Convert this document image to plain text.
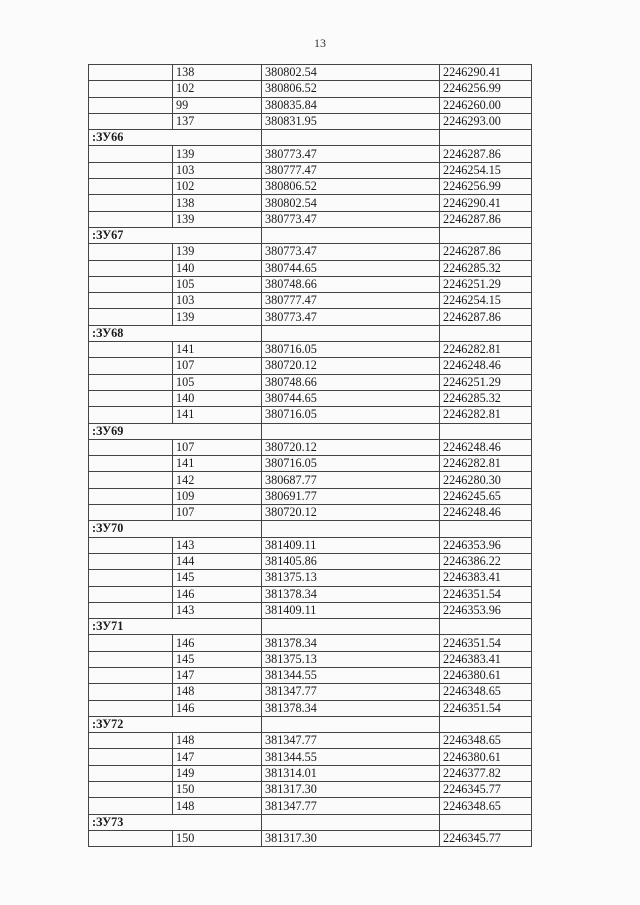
13
	138	380802.54	2246290.41
	102	380806.52	2246256.99
	99	380835.84	2246260.00
	137	380831.95	2246293.00
:ЗУ66			
	139	380773.47	2246287.86
	103	380777.47	2246254.15
	102	380806.52	2246256.99
	138	380802.54	2246290.41
	139	380773.47	2246287.86
:ЗУ67			
	139	380773.47	2246287.86
	140	380744.65	2246285.32
	105	380748.66	2246251.29
	103	380777.47	2246254.15
	139	380773.47	2246287.86
:ЗУ68			
	141	380716.05	2246282.81
	107	380720.12	2246248.46
	105	380748.66	2246251.29
	140	380744.65	2246285.32
	141	380716.05	2246282.81
:ЗУ69			
	107	380720.12	2246248.46
	141	380716.05	2246282.81
	142	380687.77	2246280.30
	109	380691.77	2246245.65
	107	380720.12	2246248.46
:ЗУ70			
	143	381409.11	2246353.96
	144	381405.86	2246386.22
	145	381375.13	2246383.41
	146	381378.34	2246351.54
	143	381409.11	2246353.96
:ЗУ71			
	146	381378.34	2246351.54
	145	381375.13	2246383.41
	147	381344.55	2246380.61
	148	381347.77	2246348.65
	146	381378.34	2246351.54
:ЗУ72			
	148	381347.77	2246348.65
	147	381344.55	2246380.61
	149	381314.01	2246377.82
	150	381317.30	2246345.77
	148	381347.77	2246348.65
:ЗУ73			
	150	381317.30	2246345.77
